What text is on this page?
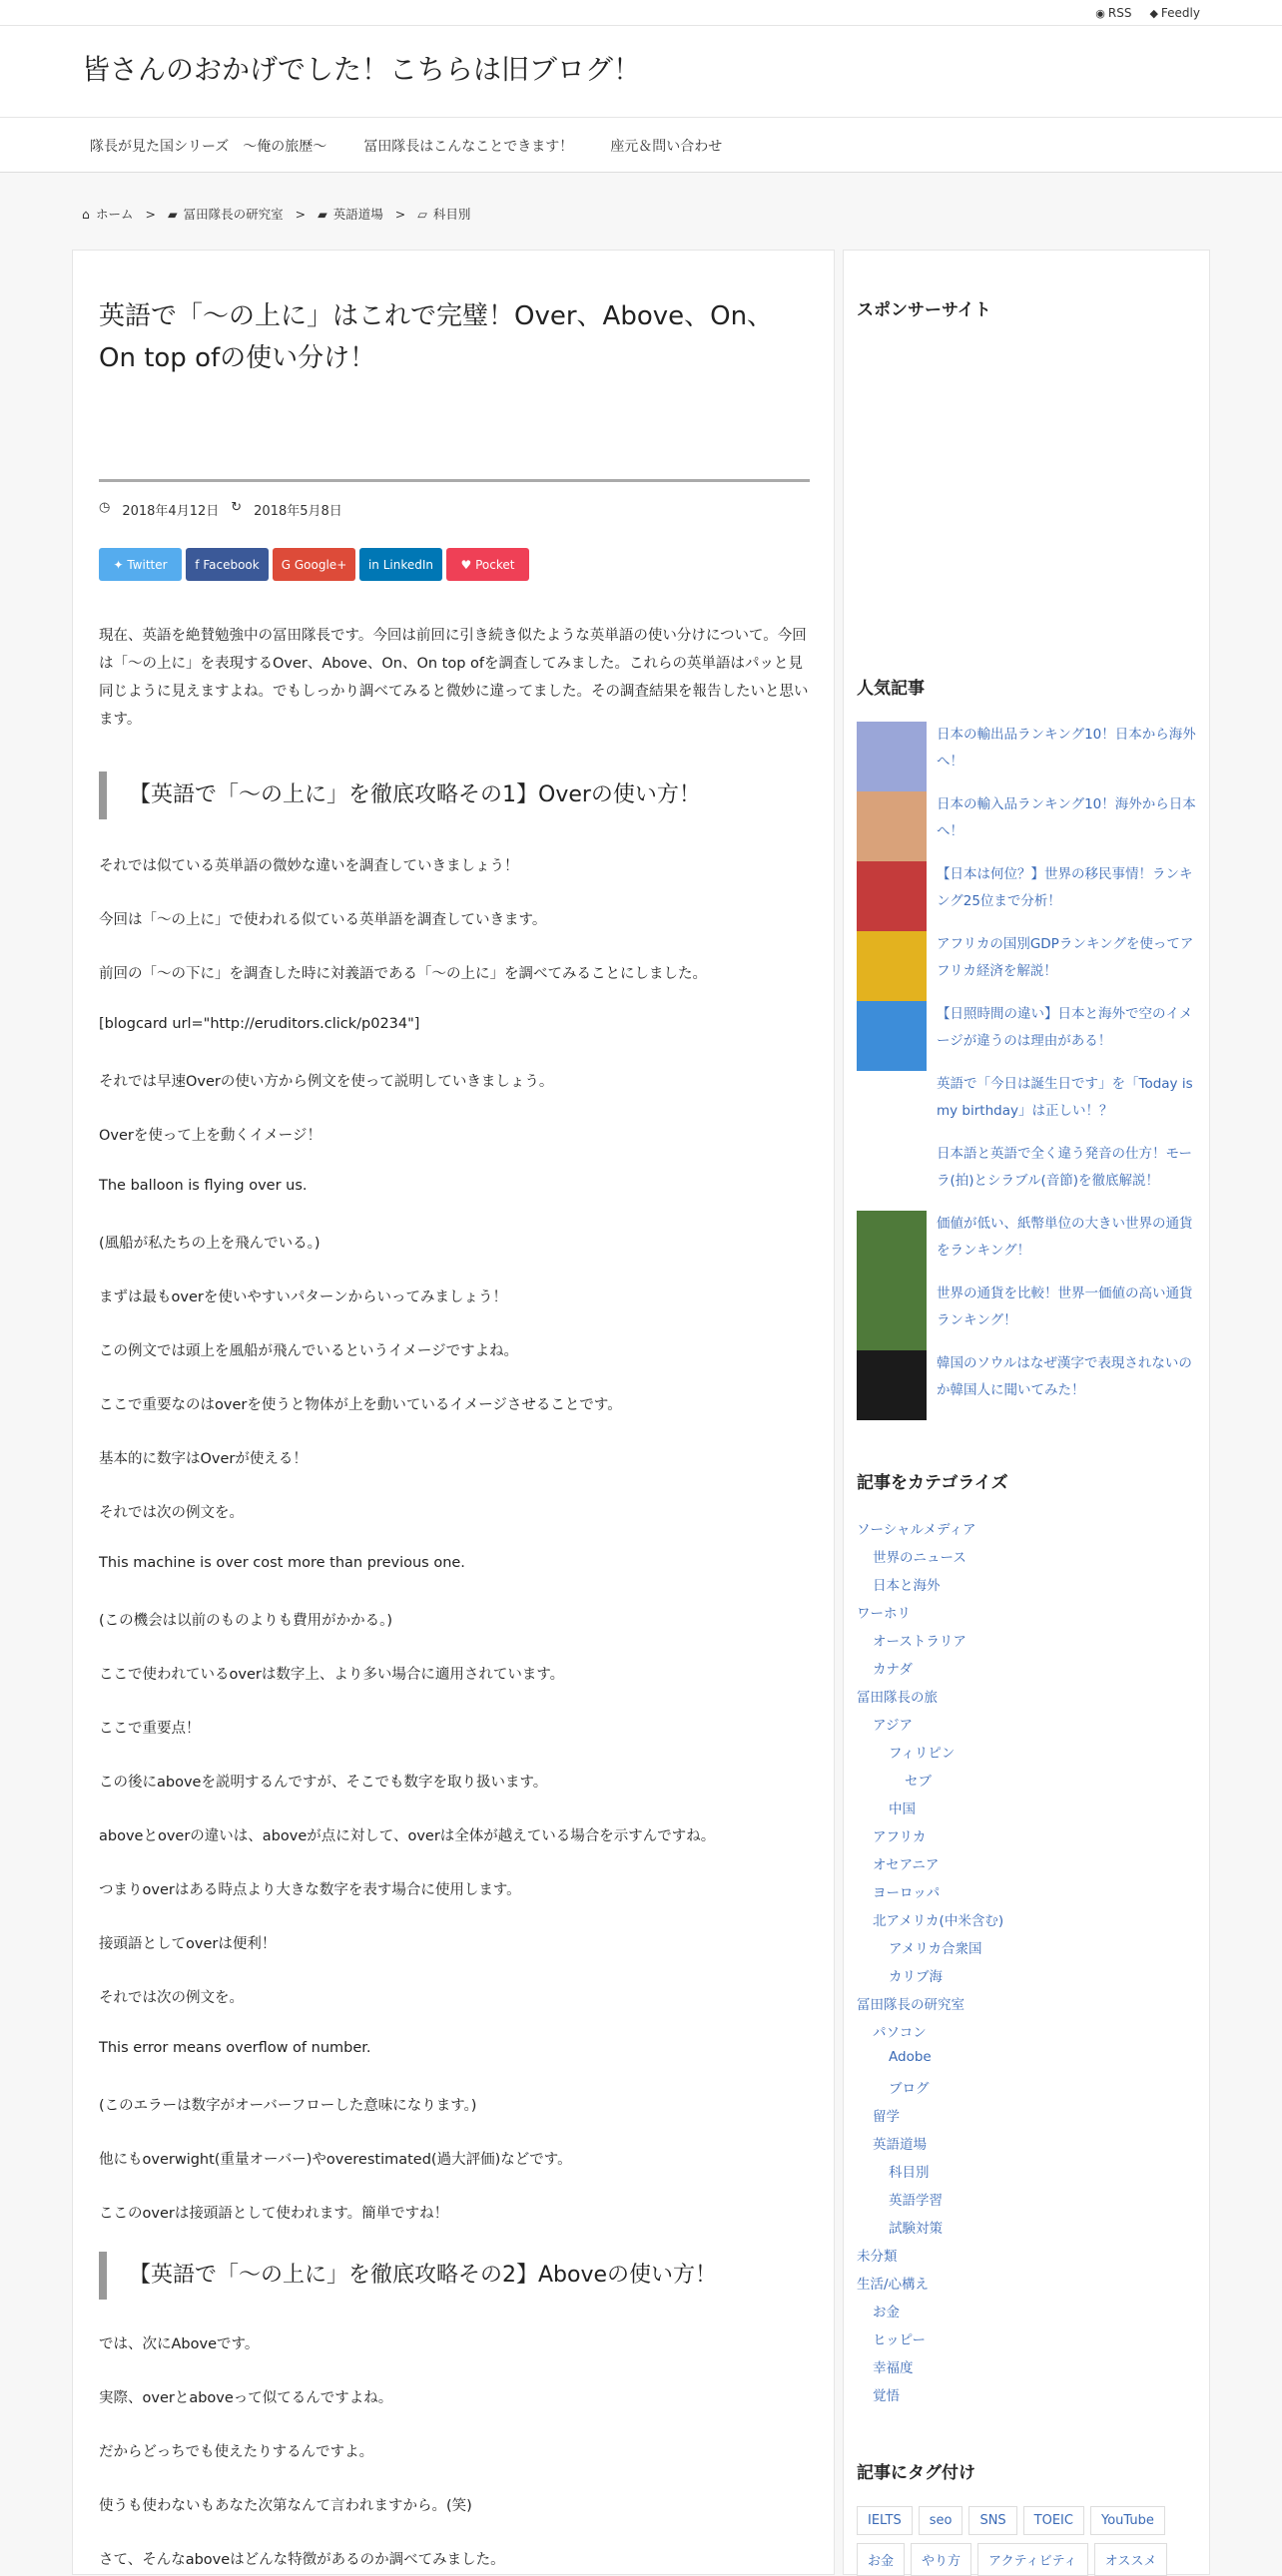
◉ RSS ◆ Feedly
皆さんのおかげでした！こちらは旧ブログ！
隊長が見た国シリーズ　～俺の旅歴～	冨田隊長はこんなことできます！	座元＆問い合わせ
⌂ ホーム > ▰ 冨田隊長の研究室 > ▰ 英語道場 > ▱ 科目別
英語で「〜の上に」はこれで完璧！Over、Above、On、On top ofの使い分け！
◷ 2018年4月12日 ↻ 2018年5月8日
✦ Twitter f Facebook G Google+ in LinkedIn ♥ Pocket

現在、英語を絶賛勉強中の冨田隊長です。今回は前回に引き続き似たような英単語の使い分けについて。今回は「〜の上に」を表現するOver、Above、On、On top ofを調査してみました。これらの英単語はパッと見同じように見えますよね。でもしっかり調べてみると微妙に違ってました。その調査結果を報告したいと思います。

【英語で「〜の上に」を徹底攻略その1】Overの使い方！

それでは似ている英単語の微妙な違いを調査していきましょう！

今回は「〜の上に」で使われる似ている英単語を調査していきます。

前回の「〜の下に」を調査した時に対義語である「〜の上に」を調べてみることにしました。

[blogcard url="http://eruditors.click/p0234"]

それでは早速Overの使い方から例文を使って説明していきましょう。

Overを使って上を動くイメージ！

The balloon is flying over us.

(風船が私たちの上を飛んでいる。)

まずは最もoverを使いやすいパターンからいってみましょう！

この例文では頭上を風船が飛んでいるというイメージですよね。

ここで重要なのはoverを使うと物体が上を動いているイメージさせることです。

基本的に数字はOverが使える！

それでは次の例文を。

This machine is over cost more than previous one.

(この機会は以前のものよりも費用がかかる。)

ここで使われているoverは数字上、より多い場合に適用されています。

ここで重要点！

この後にaboveを説明するんですが、そこでも数字を取り扱います。

aboveとoverの違いは、aboveが点に対して、overは全体が越えている場合を示すんですね。

つまりoverはある時点より大きな数字を表す場合に使用します。

接頭語としてoverは便利！

それでは次の例文を。

This error means overflow of number.

(このエラーは数字がオーバーフローした意味になります。)

他にもoverwight(重量オーバー)やoverestimated(過大評価)などです。

ここのoverは接頭語として使われます。簡単ですね！

【英語で「〜の上に」を徹底攻略その2】Aboveの使い方！

では、次にAboveです。

実際、overとaboveって似てるんですよね。

だからどっちでも使えたりするんですよ。

使うも使わないもあなた次第なんて言われますから。(笑)

さて、そんなaboveはどんな特徴があるのか調べてみました。

スポンサーサイト
人気記事
日本の輸出品ランキング10！日本から海外へ！
日本の輸入品ランキング10！海外から日本へ！
【日本は何位？】世界の移民事情！ランキング25位まで分析！
アフリカの国別GDPランキングを使ってアフリカ経済を解説！
【日照時間の違い】日本と海外で空のイメージが違うのは理由がある！
英語で「今日は誕生日です」を「Today is my birthday」は正しい！？
日本語と英語で全く違う発音の仕方！モーラ(拍)とシラブル(音節)を徹底解説！
価値が低い、紙幣単位の大きい世界の通貨をランキング！
世界の通貨を比較！世界一価値の高い通貨ランキング！
韓国のソウルはなぜ漢字で表現されないのか韓国人に聞いてみた！
記事をカテゴライズ
ソーシャルメディア
世界のニュース
日本と海外
ワーホリ
オーストラリア
カナダ
冨田隊長の旅
アジア
フィリピン
セブ
中国
アフリカ
オセアニア
ヨーロッパ
北アメリカ(中米含む)
アメリカ合衆国
カリブ海
冨田隊長の研究室
パソコン
Adobe
ブログ
留学
英語道場
科目別
英語学習
試験対策
未分類
生活/心構え
お金
ヒッピー
幸福度
覚悟
記事にタグ付け
IELTS	seo	SNS	TOEIC	YouTube
お金	やり方	アクティビティ	オススメ
